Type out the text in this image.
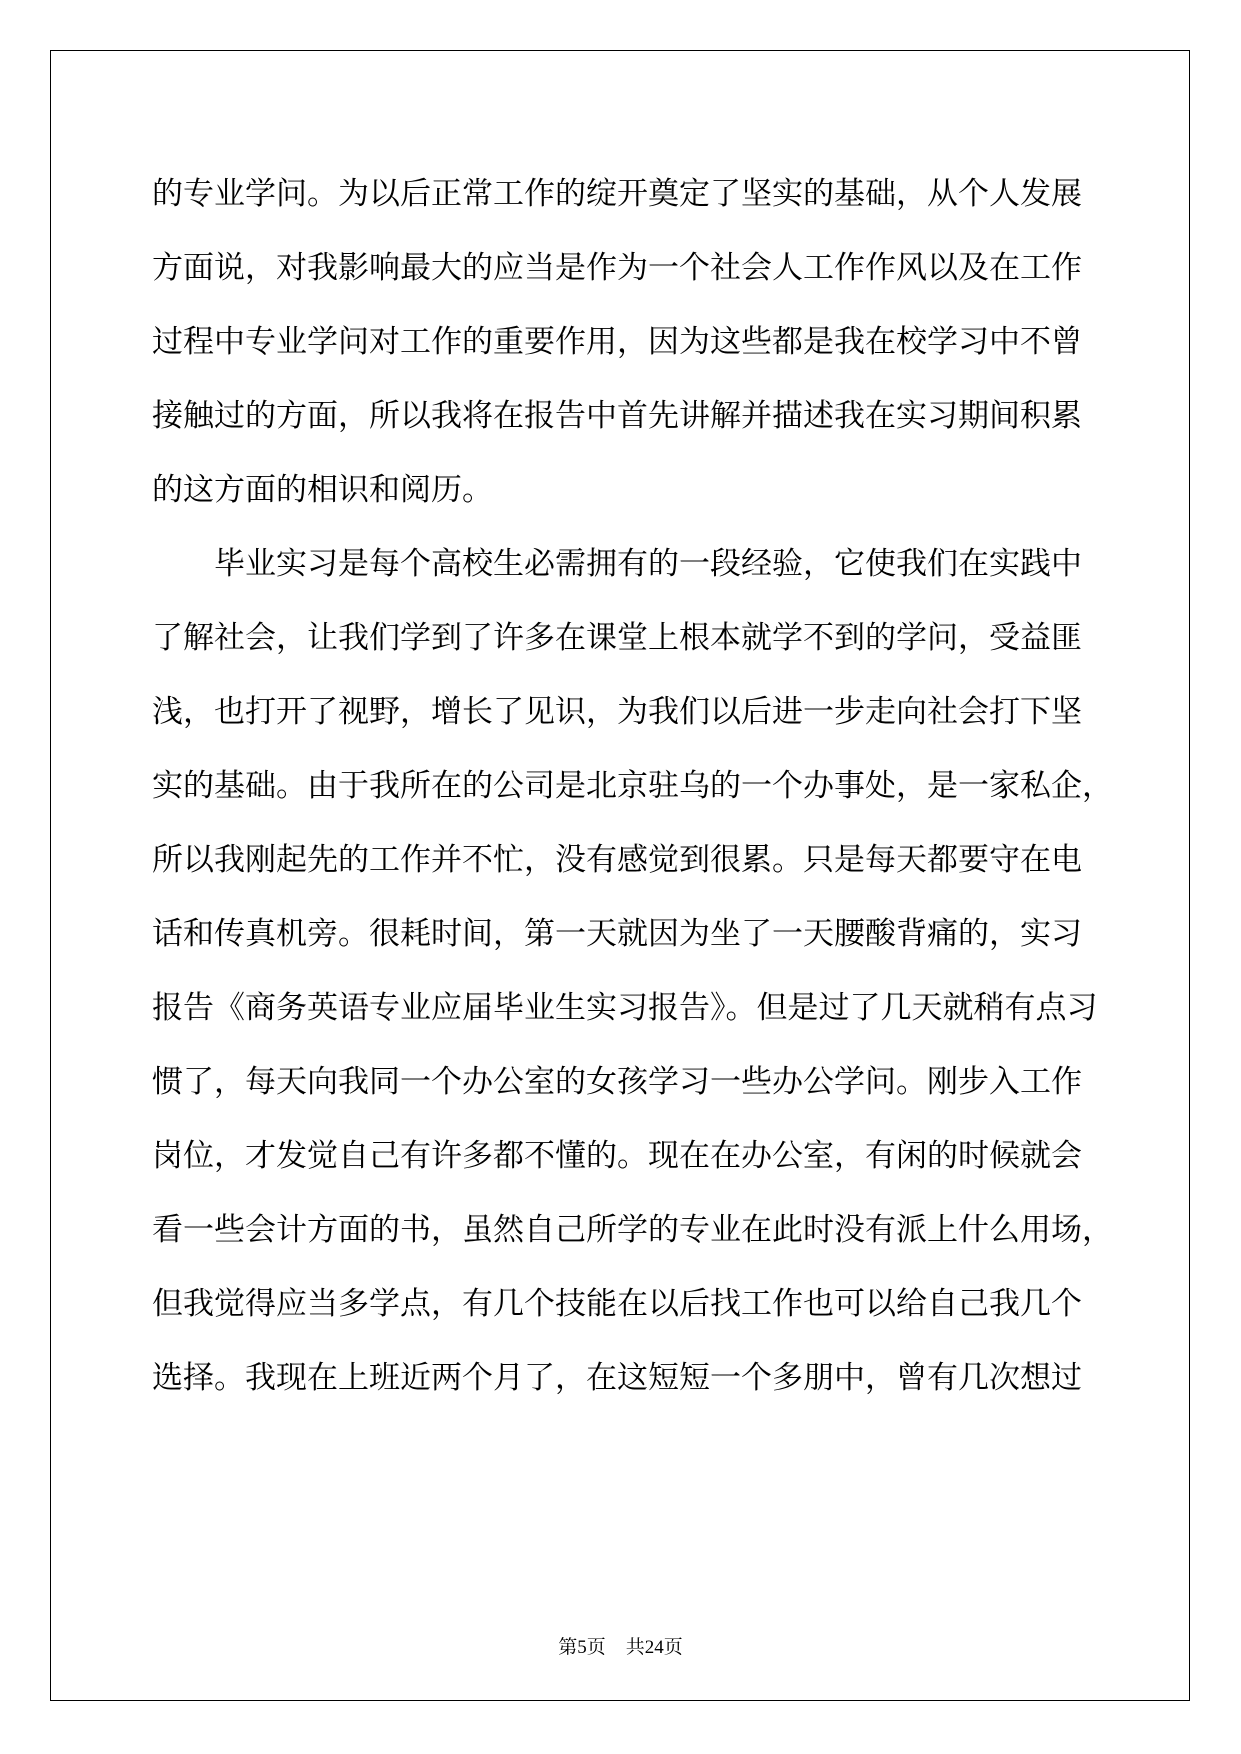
的专业学问。为以后正常工作的绽开奠定了坚实的基础，从个人发展
方面说，对我影响最大的应当是作为一个社会人工作作风以及在工作
过程中专业学问对工作的重要作用，因为这些都是我在校学习中不曾
接触过的方面，所以我将在报告中首先讲解并描述我在实习期间积累
的这方面的相识和阅历。
毕业实习是每个高校生必需拥有的一段经验，它使我们在实践中
了解社会，让我们学到了许多在课堂上根本就学不到的学问，受益匪
浅，也打开了视野，增长了见识，为我们以后进一步走向社会打下坚
实的基础。由于我所在的公司是北京驻乌的一个办事处，是一家私企，
所以我刚起先的工作并不忙，没有感觉到很累。只是每天都要守在电
话和传真机旁。很耗时间，第一天就因为坐了一天腰酸背痛的，实习
报告《商务英语专业应届毕业生实习报告》。但是过了几天就稍有点习
惯了，每天向我同一个办公室的女孩学习一些办公学问。刚步入工作
岗位，才发觉自己有许多都不懂的。现在在办公室，有闲的时候就会
看一些会计方面的书，虽然自己所学的专业在此时没有派上什么用场，
但我觉得应当多学点，有几个技能在以后找工作也可以给自己我几个
选择。我现在上班近两个月了，在这短短一个多朋中，曾有几次想过
第5页 共24页
